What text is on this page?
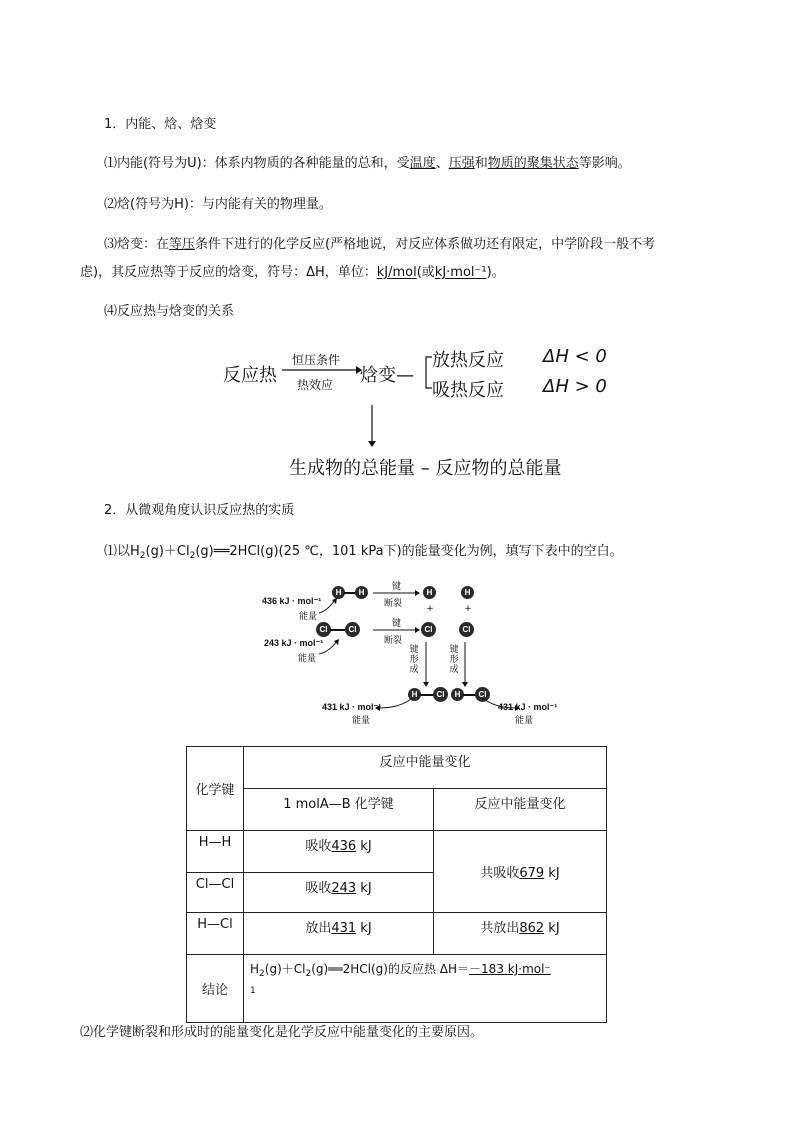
1．内能、焓、焓变
⑴内能(符号为U)：体系内物质的各种能量的总和，受温度、压强和物质的聚集状态等影响。
⑵焓(符号为H)：与内能有关的物理量。
⑶焓变：在等压条件下进行的化学反应(严格地说，对反应体系做功还有限定，中学阶段一般不考
虑)，其反应热等于反应的焓变，符号：ΔH，单位：kJ/mol(或kJ·mol⁻¹)。
⑷反应热与焓变的关系
反应热
恒压条件
热效应 焓变—
放热反应 ΔH < 0
吸热反应 ΔH > 0
生成物的总能量 – 反应物的总能量
2．从微观角度认识反应热的实质
⑴以$H_2(g)+Cl_2(g)══2HCl(g)(25$ ℃，101 kPa下)的能量变化为例，填写下表中的空白。
H	H
436 kJ · mol⁻¹
能量
键
断裂
H	H
+	+
Cl	Cl
243 kJ · mol⁻¹
能量
键
断裂
Cl	Cl
键
形
成
键
形
成
H	Cl	H	Cl
431 kJ · mol⁻¹
能量
431 kJ · mol⁻¹
能量
化学键	反应中能量变化	
	1 molA—B 化学键	反应中能量变化
H—H	吸收436 kJ	共吸收679 kJ
Cl—Cl	吸收243 kJ	
H—Cl	放出431 kJ	共放出862 kJ
结论	$H_2(g)+Cl_2(g)══2HCl(g)$的反应热 ΔH＝－183 kJ·mol⁻
1	
⑵化学键断裂和形成时的能量变化是化学反应中能量变化的主要原因。
